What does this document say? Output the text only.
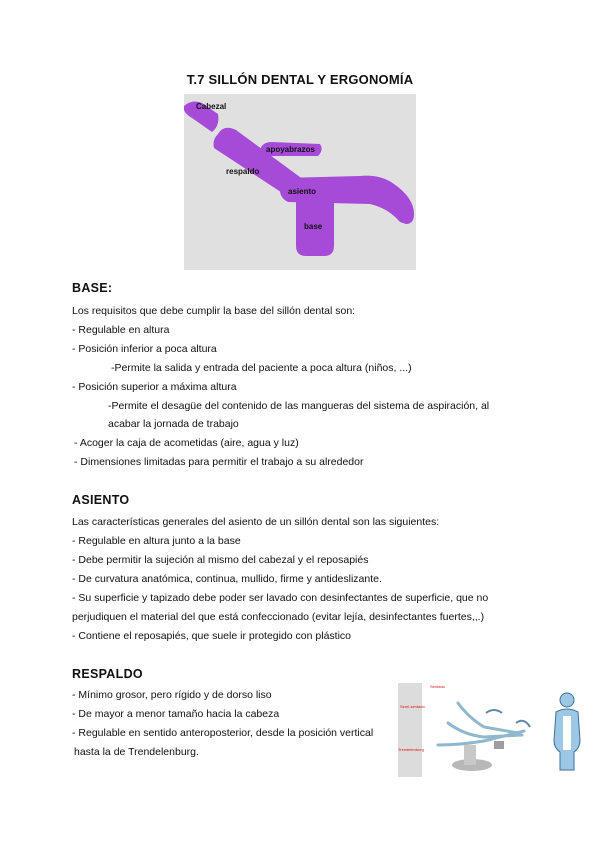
T.7 SILLÓN DENTAL Y ERGONOMÍA
Cabezal
apoyabrazos
respaldo
asiento
base
BASE:
Los requisitos que debe cumplir la base del sillón dental son:
- Regulable en altura
- Posición inferior a poca altura
-Permite la salida y entrada del paciente a poca altura (niños, ...)
- Posición superior a máxima altura
-Permite el desagüe del contenido de las mangueras del sistema de aspiración, al
acabar la jornada de trabajo
- Acoger la caja de acometidas (aire, agua y luz)
- Dimensiones limitadas para permitir el trabajo a su alrededor
ASIENTO
Las características generales del asiento de un sillón dental son las siguientes:
- Regulable en altura junto a la base
- Debe permitir la sujeción al mismo del cabezal y el reposapiés
- De curvatura anatómica, continua, mullido, firme y antideslizante.
- Su superficie y tapizado debe poder ser lavado con desinfectantes de superficie, que no
perjudiquen el material del que está confeccionado (evitar lejía, desinfectantes fuertes,,.)
- Contiene el reposapiés, que suele ir protegido con plástico
RESPALDO
- Mínimo grosor, pero rígido y de dorso liso
- De mayor a menor tamaño hacia la cabeza
- Regulable en sentido anteroposterior, desde la posición vertical
hasta la de Trendelenburg.
Sentado
Semi-sentado
Trendelenburg
